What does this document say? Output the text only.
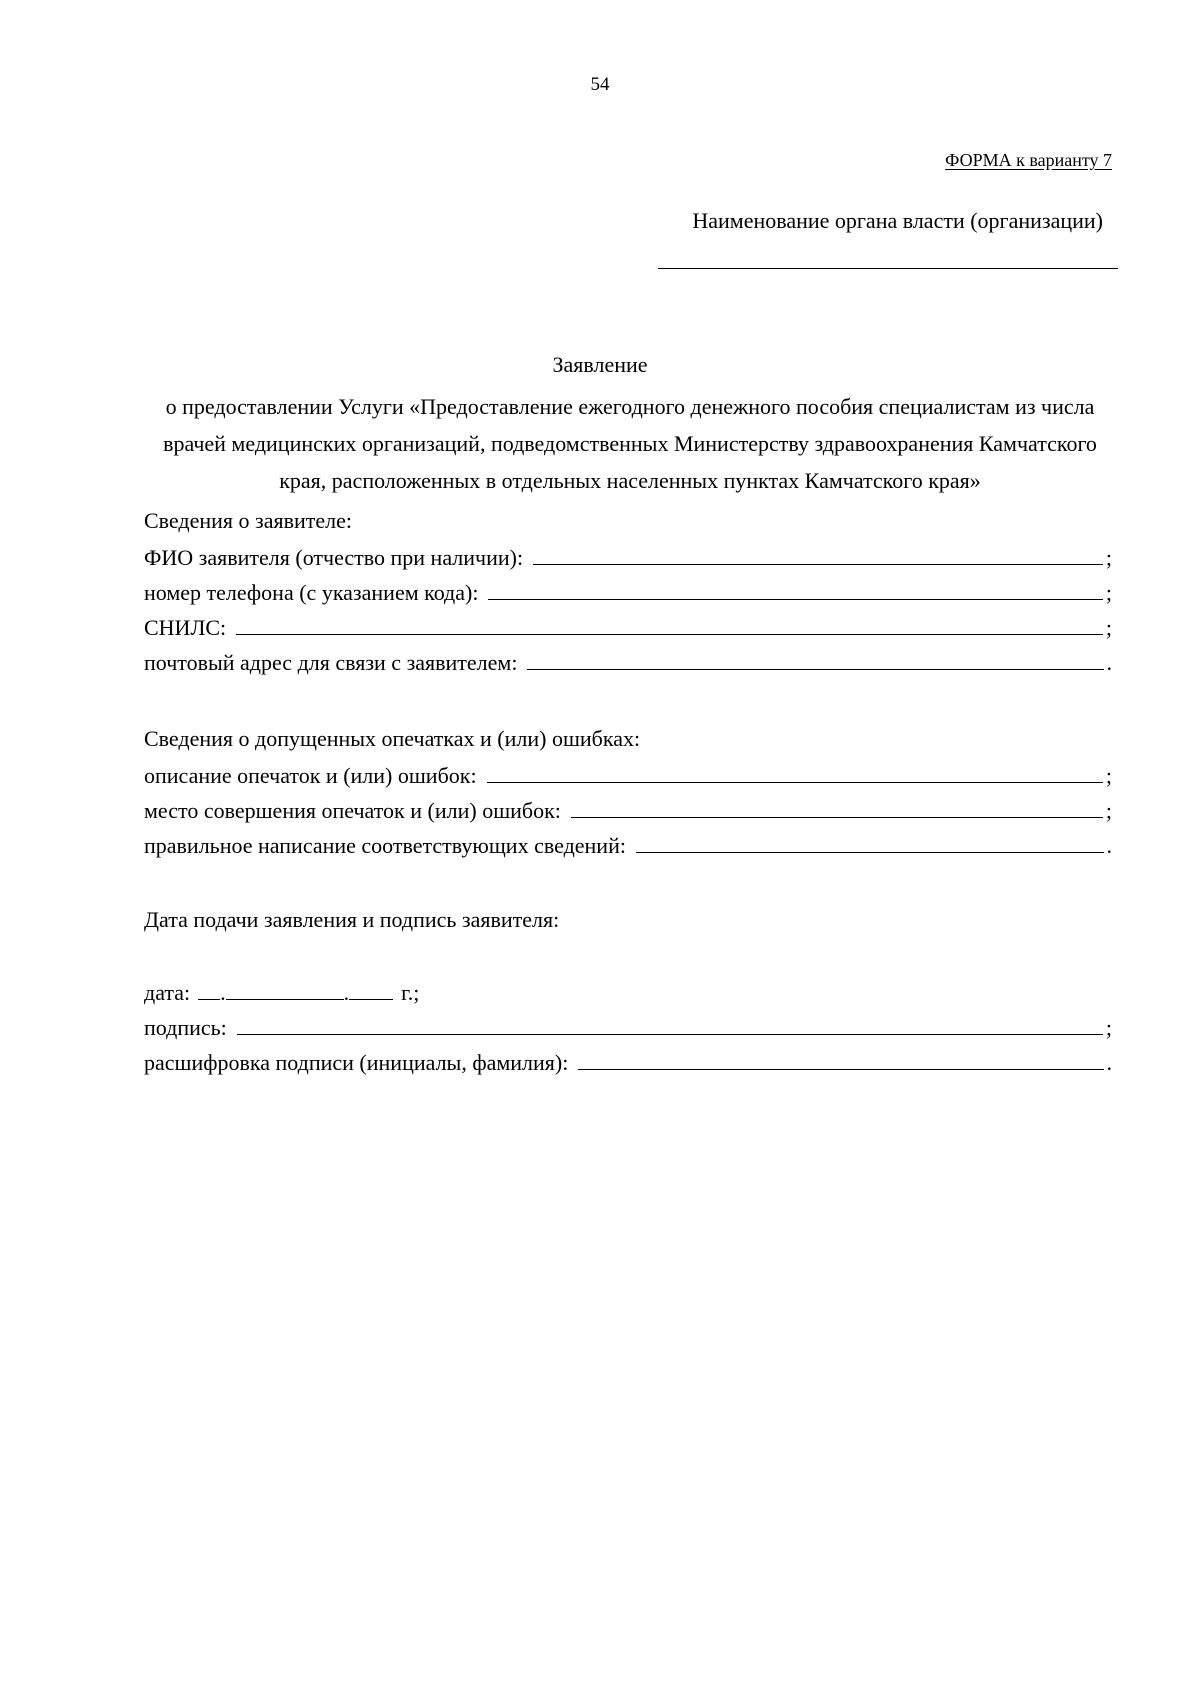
54
ФОРМА к варианту 7
Наименование органа власти (организации)
Заявление
о предоставлении Услуги «Предоставление ежегодного денежного пособия специалистам из числа врачей медицинских организаций, подведомственных Министерству здравоохранения Камчатского края, расположенных в отдельных населенных пунктах Камчатского края»
Сведения о заявителе:
ФИО заявителя (отчество при наличии):	;
номер телефона (с указанием кода):	;
СНИЛС:	;
почтовый адрес для связи с заявителем:	.
Сведения о допущенных опечатках и (или) ошибках:
описание опечаток и (или) ошибок:	;
место совершения опечаток и (или) ошибок:	;
правильное написание соответствующих сведений:	.
Дата подачи заявления и подпись заявителя:
дата:	.	.	г.;
подпись:	;
расшифровка подписи (инициалы, фамилия):	.
